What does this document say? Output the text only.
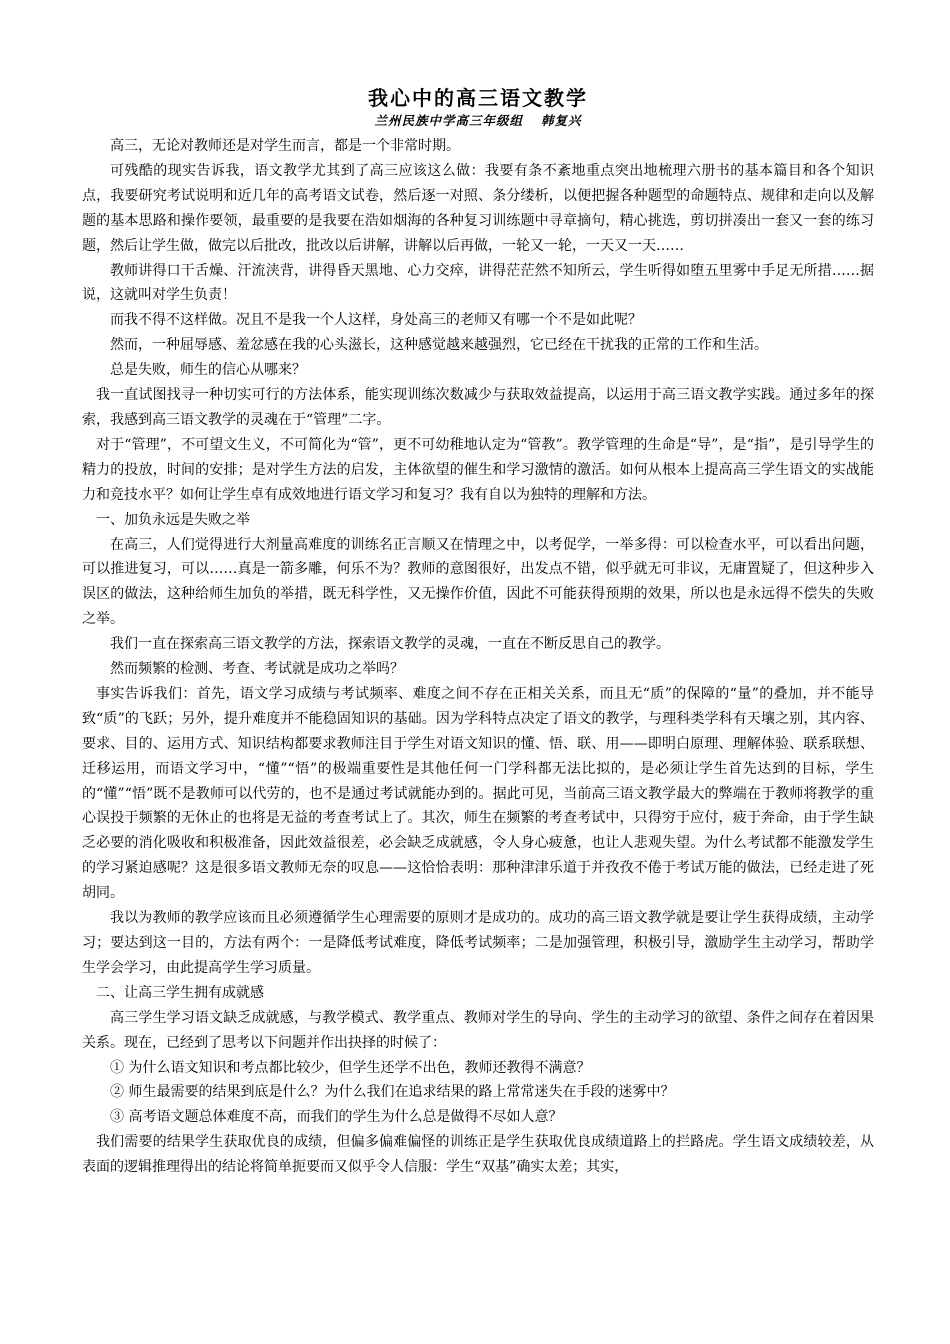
我心中的高三语文教学
兰州民族中学高三年级组 韩复兴

高三，无论对教师还是对学生而言，都是一个非常时期。

可残酷的现实告诉我，语文教学尤其到了高三应该这么做：我要有条不紊地重点突出地梳理六册书的基本篇目和各个知识点，我要研究考试说明和近几年的高考语文试卷，然后逐一对照、条分缕析，以便把握各种题型的命题特点、规律和走向以及解题的基本思路和操作要领，最重要的是我要在浩如烟海的各种复习训练题中寻章摘句，精心挑选，剪切拼凑出一套又一套的练习题，然后让学生做，做完以后批改，批改以后讲解，讲解以后再做，一轮又一轮，一天又一天……

教师讲得口干舌燥、汗流浃背，讲得昏天黑地、心力交瘁，讲得茫茫然不知所云，学生听得如堕五里雾中手足无所措……据说，这就叫对学生负责！

而我不得不这样做。况且不是我一个人这样，身处高三的老师又有哪一个不是如此呢？

然而，一种屈辱感、羞忿感在我的心头滋长，这种感觉越来越强烈，它已经在干扰我的正常的工作和生活。

总是失败，师生的信心从哪来？

我一直试图找寻一种切实可行的方法体系，能实现训练次数减少与获取效益提高，以运用于高三语文教学实践。通过多年的探索，我感到高三语文教学的灵魂在于“管理”二字。

对于“管理”，不可望文生义，不可简化为“管”，更不可幼稚地认定为“管教”。教学管理的生命是“导”，是“指”，是引导学生的精力的投放，时间的安排；是对学生方法的启发，主体欲望的催生和学习激情的激活。如何从根本上提高高三学生语文的实战能力和竞技水平？如何让学生卓有成效地进行语文学习和复习？我有自以为独特的理解和方法。

一、加负永远是失败之举

在高三，人们觉得进行大剂量高难度的训练名正言顺又在情理之中，以考促学，一举多得：可以检查水平，可以看出问题，可以推进复习，可以……真是一箭多雕，何乐不为？教师的意图很好，出发点不错，似乎就无可非议，无庸置疑了，但这种步入误区的做法，这种给师生加负的举措，既无科学性，又无操作价值，因此不可能获得预期的效果，所以也是永远得不偿失的失败之举。

我们一直在探索高三语文教学的方法，探索语文教学的灵魂，一直在不断反思自己的教学。

然而频繁的检测、考查、考试就是成功之举吗？

事实告诉我们：首先，语文学习成绩与考试频率、难度之间不存在正相关关系，而且无“质”的保障的“量”的叠加，并不能导致“质”的飞跃；另外，提升难度并不能稳固知识的基础。因为学科特点决定了语文的教学，与理科类学科有天壤之别，其内容、要求、目的、运用方式、知识结构都要求教师注目于学生对语文知识的懂、悟、联、用——即明白原理、理解体验、联系联想、迁移运用，而语文学习中，“懂”“悟”的极端重要性是其他任何一门学科都无法比拟的，是必须让学生首先达到的目标，学生的“懂”“悟”既不是教师可以代劳的，也不是通过考试就能办到的。据此可见，当前高三语文教学最大的弊端在于教师将教学的重心误投于频繁的无休止的也将是无益的考查考试上了。其次，师生在频繁的考查考试中，只得穷于应付，疲于奔命，由于学生缺乏必要的消化吸收和积极准备，因此效益很差，必会缺乏成就感，令人身心疲惫，也让人悲观失望。为什么考试都不能激发学生的学习紧迫感呢？这是很多语文教师无奈的叹息——这恰恰表明：那种津津乐道于并孜孜不倦于考试万能的做法，已经走进了死胡同。

我以为教师的教学应该而且必须遵循学生心理需要的原则才是成功的。成功的高三语文教学就是要让学生获得成绩，主动学习；要达到这一目的，方法有两个：一是降低考试难度，降低考试频率；二是加强管理，积极引导，激励学生主动学习，帮助学生学会学习，由此提高学生学习质量。

二、让高三学生拥有成就感

高三学生学习语文缺乏成就感，与教学模式、教学重点、教师对学生的导向、学生的主动学习的欲望、条件之间存在着因果关系。现在，已经到了思考以下问题并作出抉择的时候了：

① 为什么语文知识和考点都比较少，但学生还学不出色，教师还教得不满意？

② 师生最需要的结果到底是什么？为什么我们在追求结果的路上常常迷失在手段的迷雾中？

③ 高考语文题总体难度不高，而我们的学生为什么总是做得不尽如人意？

我们需要的结果学生获取优良的成绩，但偏多偏难偏怪的训练正是学生获取优良成绩道路上的拦路虎。学生语文成绩较差，从表面的逻辑推理得出的结论将简单扼要而又似乎令人信服：学生“双基”确实太差；其实，
